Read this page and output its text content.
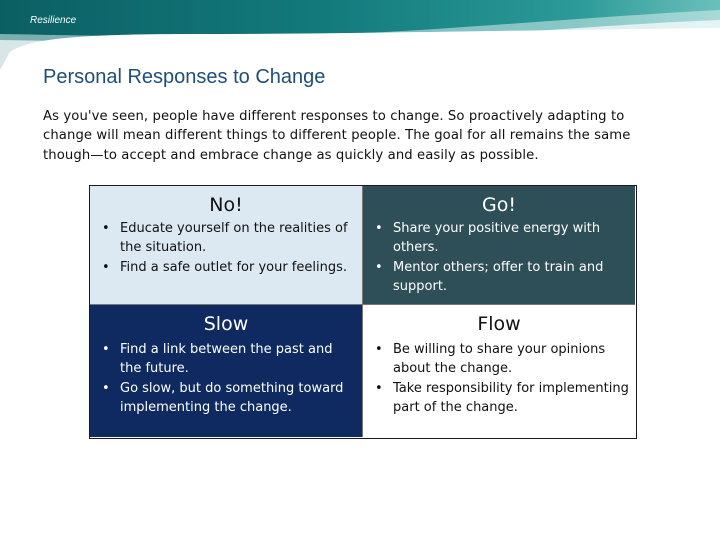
Resilience
Personal Responses to Change

As you've seen, people have different responses to change. So proactively adapting to change will mean different things to different people. The goal for all remains the same though—to accept and embrace change as quickly and easily as possible.

No!
• Educate yourself on the realities of the situation.
• Find a safe outlet for your feelings.
Go!
• Share your positive energy with others.
• Mentor others; offer to train and support.
Slow
• Find a link between the past and the future.
• Go slow, but do something toward implementing the change.
Flow
• Be willing to share your opinions about the change.
• Take responsibility for implementing part of the change.
